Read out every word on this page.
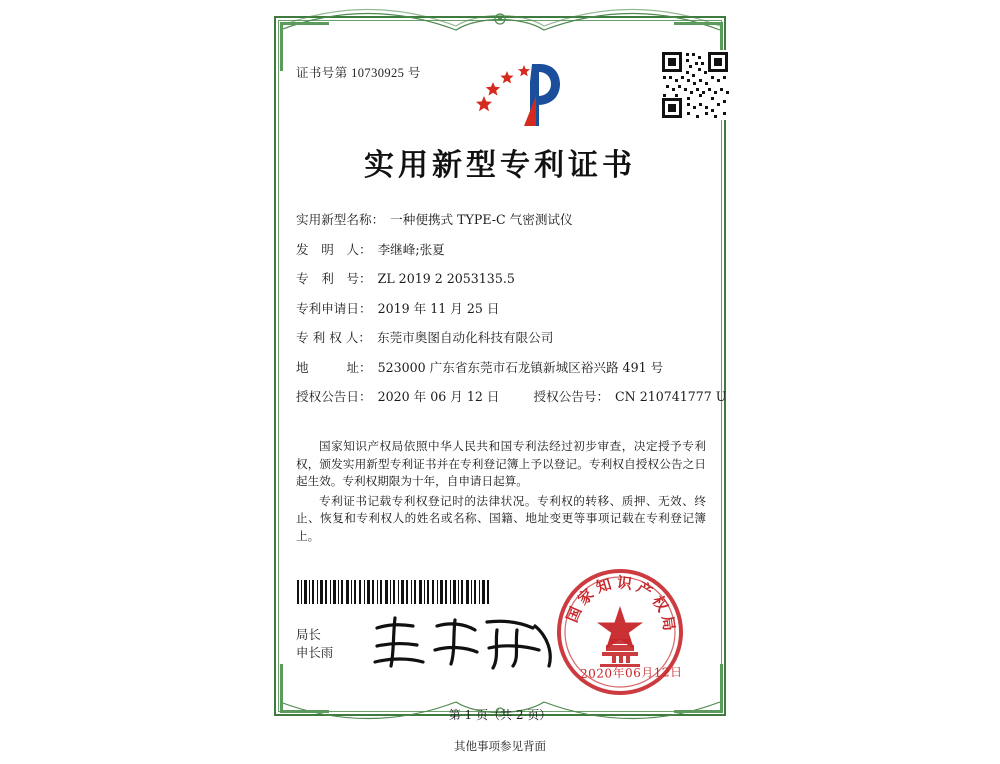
证书号第 10730925 号
实用新型专利证书
实用新型名称： 一种便携式 TYPE-C 气密测试仪
发　明　人： 李继峰;张夏
专　利　号： ZL 2019 2 2053135.5
专利申请日： 2019 年 11 月 25 日
专 利 权 人： 东莞市奥图自动化科技有限公司
地　　　址： 523000 广东省东莞市石龙镇新城区裕兴路 491 号
授权公告日： 2020 年 06 月 12 日	授权公告号： CN 210741777 U

国家知识产权局依照中华人民共和国专利法经过初步审查，决定授予专利权，颁发实用新型专利证书并在专利登记簿上予以登记。专利权自授权公告之日起生效。专利权期限为十年，自申请日起算。

专利证书记载专利权登记时的法律状况。专利权的转移、质押、无效、终止、恢复和专利权人的姓名或名称、国籍、地址变更等事项记载在专利登记簿上。

局长
申长雨
国家知识产权局
2020年06月12日
第 1 页（共 2 页）
其他事项参见背面
